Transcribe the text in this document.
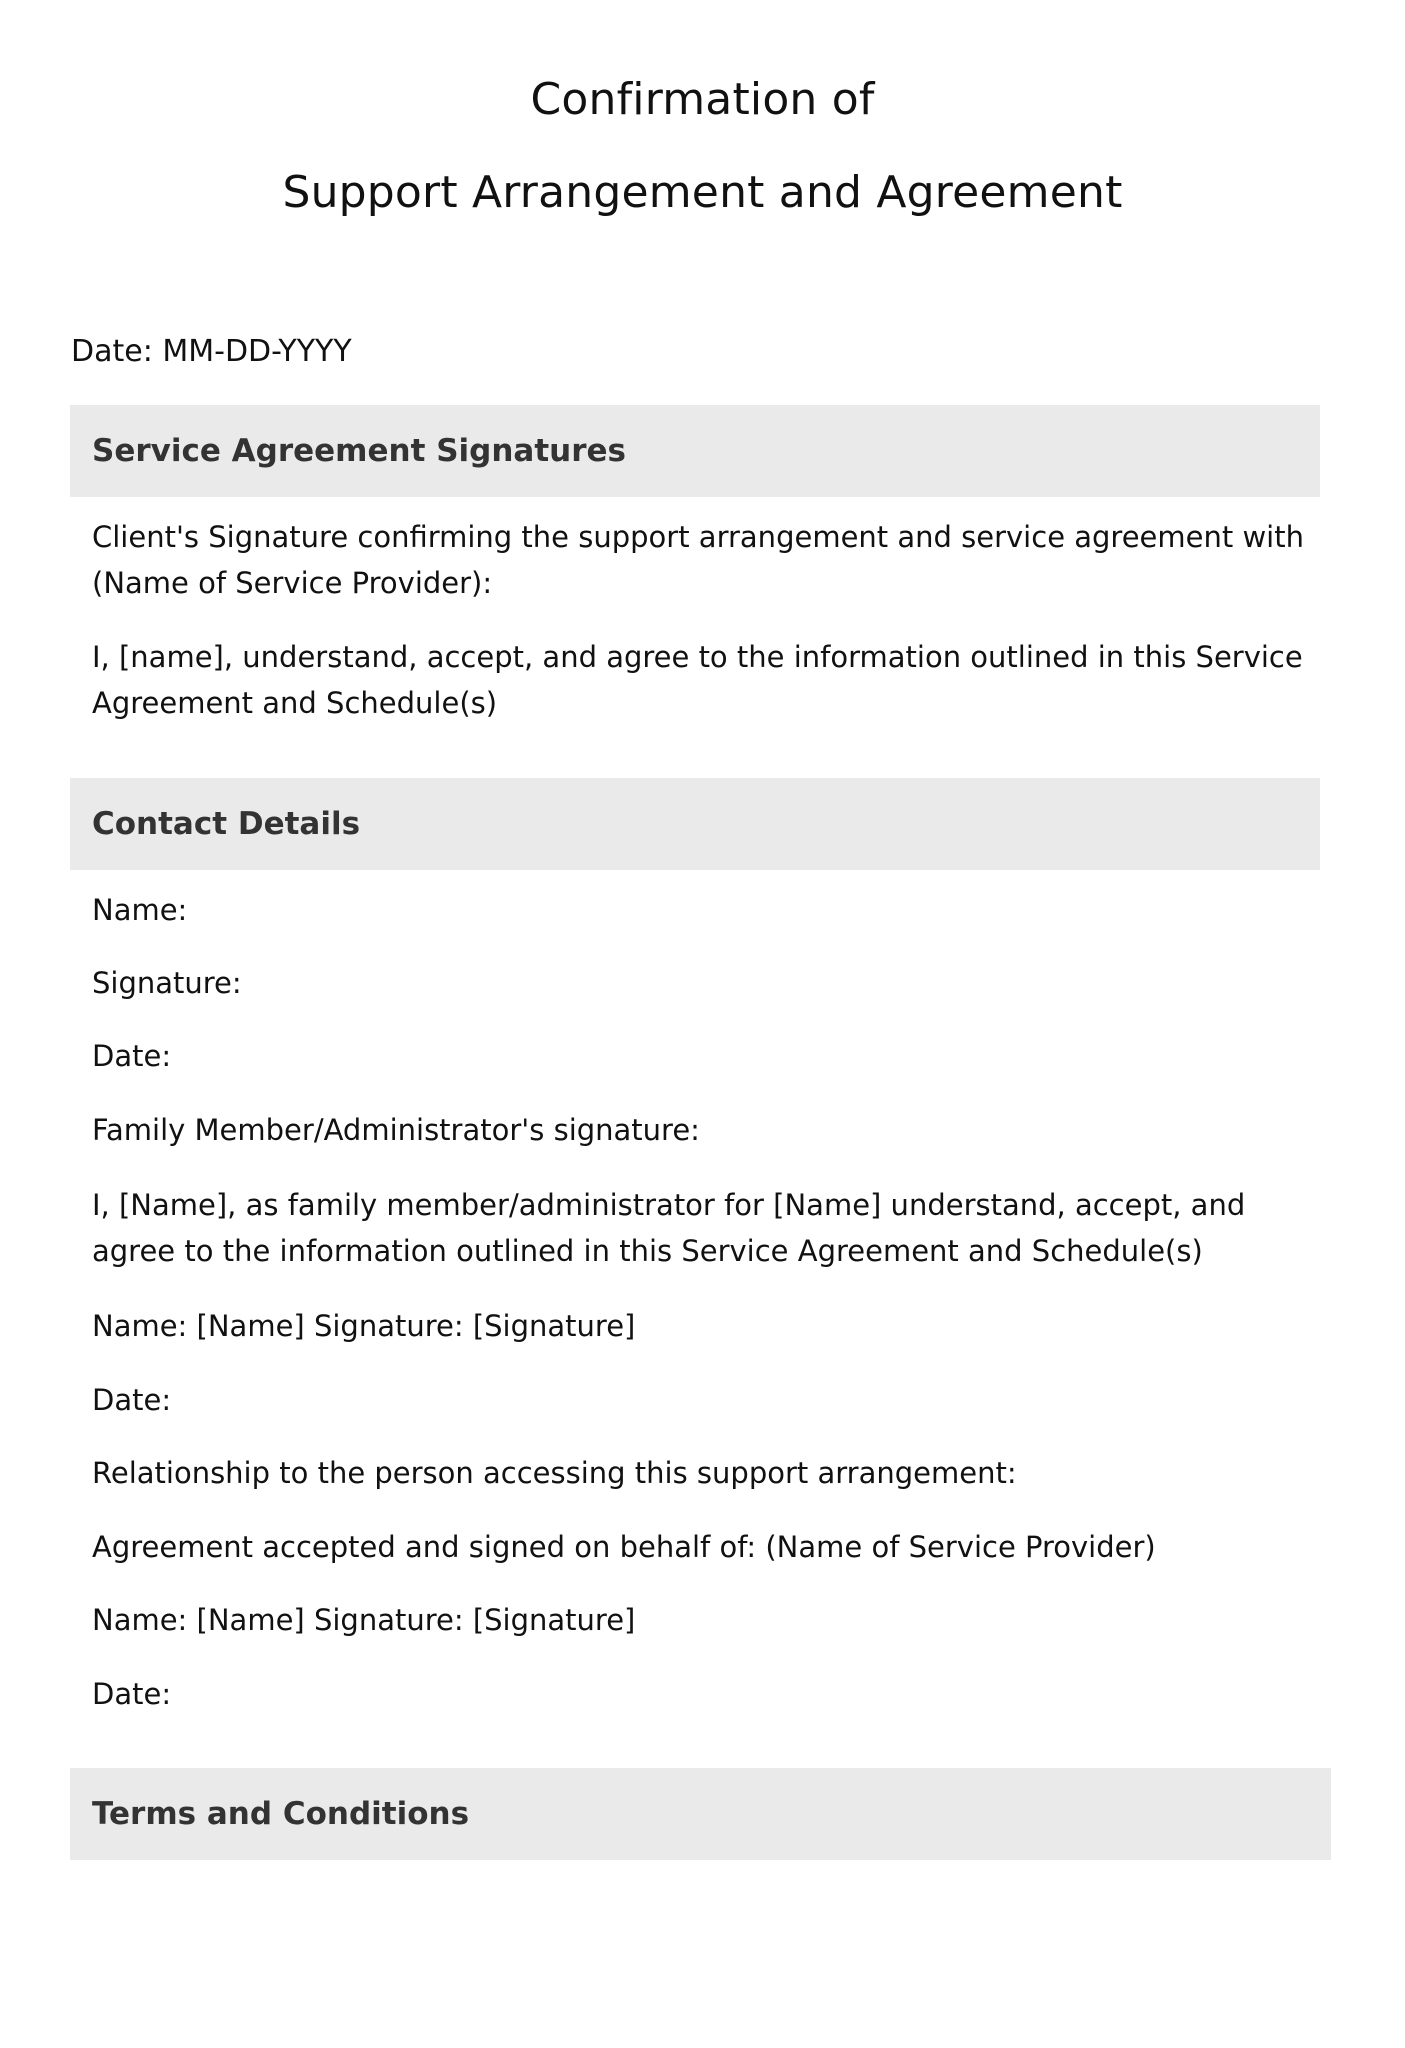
Confirmation of

Support Arrangement and Agreement

Date: MM-DD-YYYY
Service Agreement Signatures
Client's Signature confirming the support arrangement and service agreement with
(Name of Service Provider):
I, [name], understand, accept, and agree to the information outlined in this Service
Agreement and Schedule(s)
Contact Details
Name:
Signature:
Date:
Family Member/Administrator's signature:
I, [Name], as family member/administrator for [Name] understand, accept, and
agree to the information outlined in this Service Agreement and Schedule(s)
Name: [Name] Signature: [Signature]
Date:
Relationship to the person accessing this support arrangement:
Agreement accepted and signed on behalf of: (Name of Service Provider)
Name: [Name] Signature: [Signature]
Date:
Terms and Conditions
